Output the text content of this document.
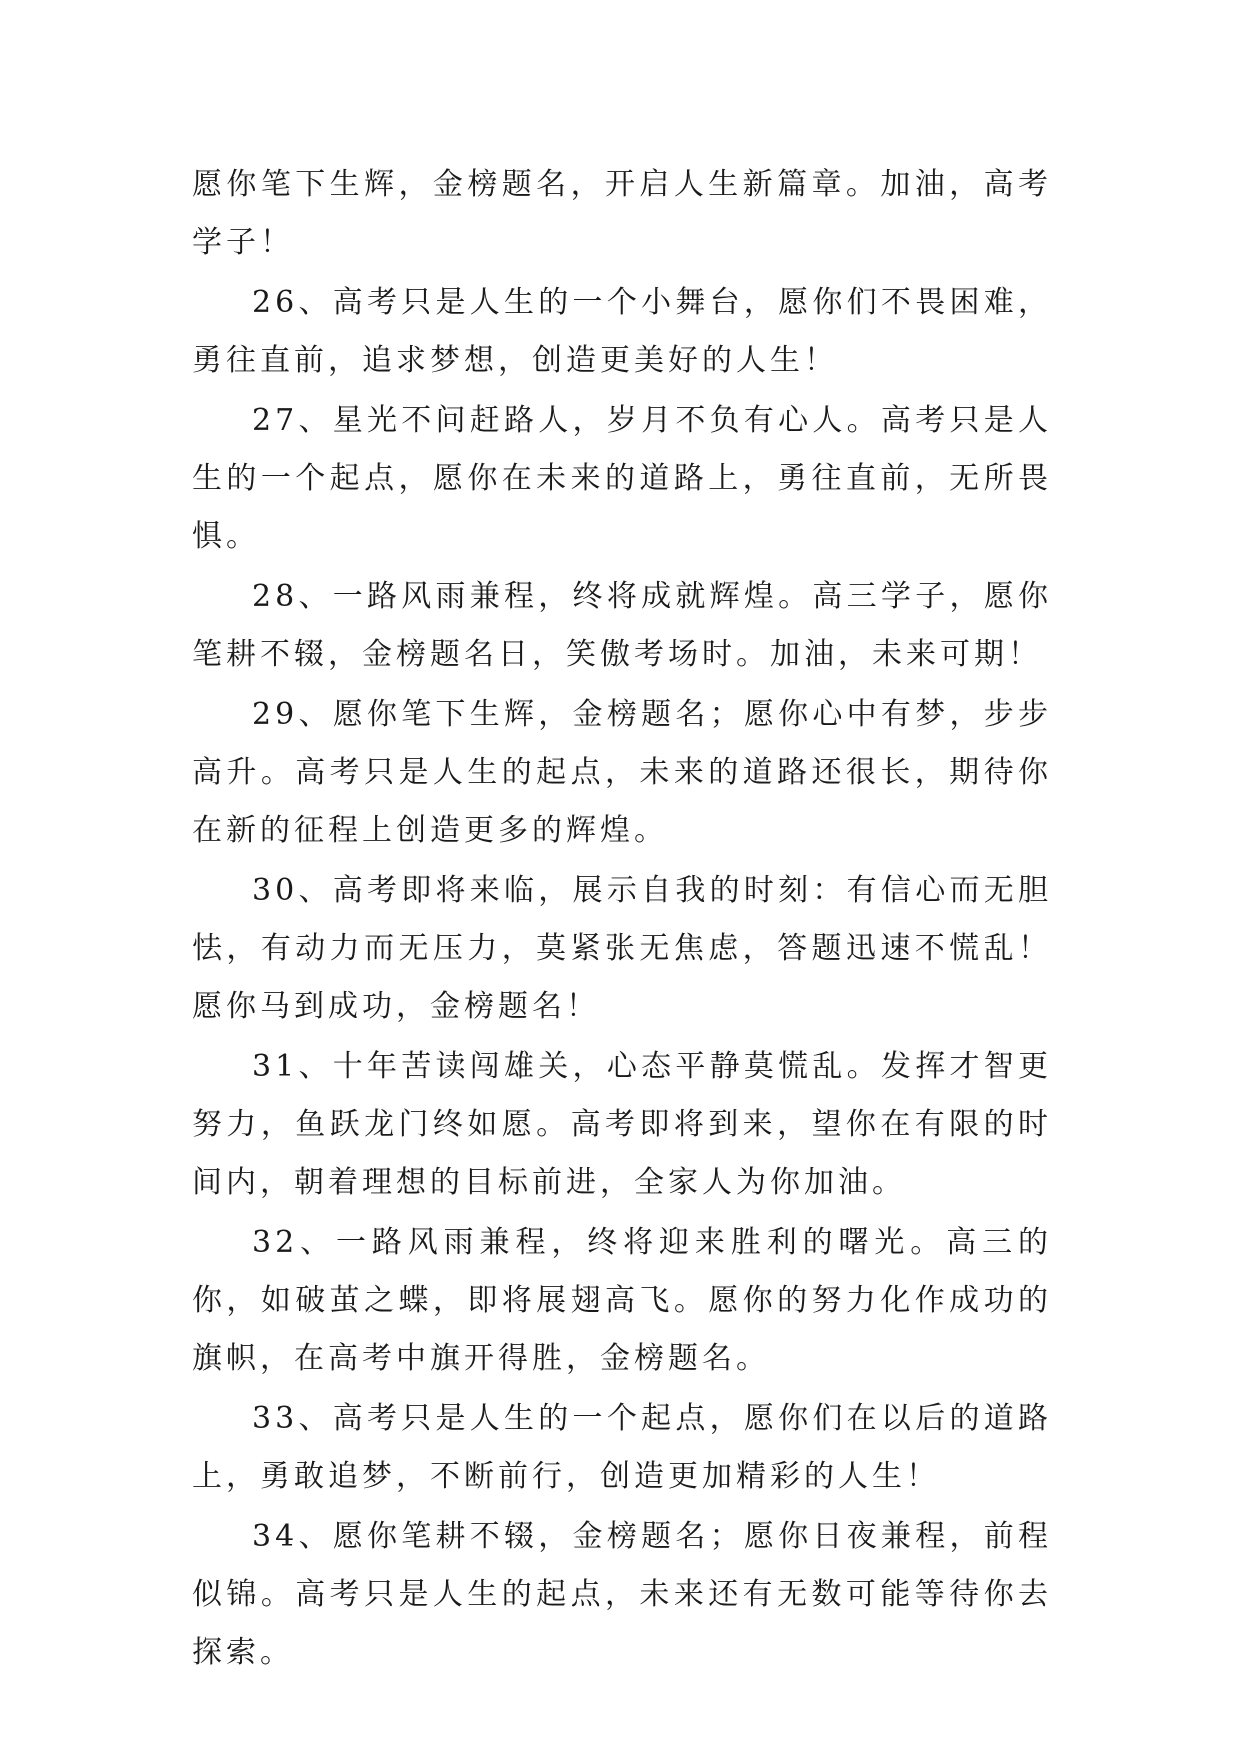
愿你笔下生辉，金榜题名，开启人生新篇章。加油，高考学子！

26、高考只是人生的一个小舞台，愿你们不畏困难，勇往直前，追求梦想，创造更美好的人生！

27、星光不问赶路人，岁月不负有心人。高考只是人生的一个起点，愿你在未来的道路上，勇往直前，无所畏惧。

28、一路风雨兼程，终将成就辉煌。高三学子，愿你笔耕不辍，金榜题名日，笑傲考场时。加油，未来可期！

29、愿你笔下生辉，金榜题名；愿你心中有梦，步步高升。高考只是人生的起点，未来的道路还很长，期待你在新的征程上创造更多的辉煌。

30、高考即将来临，展示自我的时刻：有信心而无胆怯，有动力而无压力，莫紧张无焦虑，答题迅速不慌乱！愿你马到成功，金榜题名！

31、十年苦读闯雄关，心态平静莫慌乱。发挥才智更努力，鱼跃龙门终如愿。高考即将到来，望你在有限的时间内，朝着理想的目标前进，全家人为你加油。

32、一路风雨兼程，终将迎来胜利的曙光。高三的你，如破茧之蝶，即将展翅高飞。愿你的努力化作成功的旗帜，在高考中旗开得胜，金榜题名。

33、高考只是人生的一个起点，愿你们在以后的道路上，勇敢追梦，不断前行，创造更加精彩的人生！

34、愿你笔耕不辍，金榜题名；愿你日夜兼程，前程似锦。高考只是人生的起点，未来还有无数可能等待你去探索。
